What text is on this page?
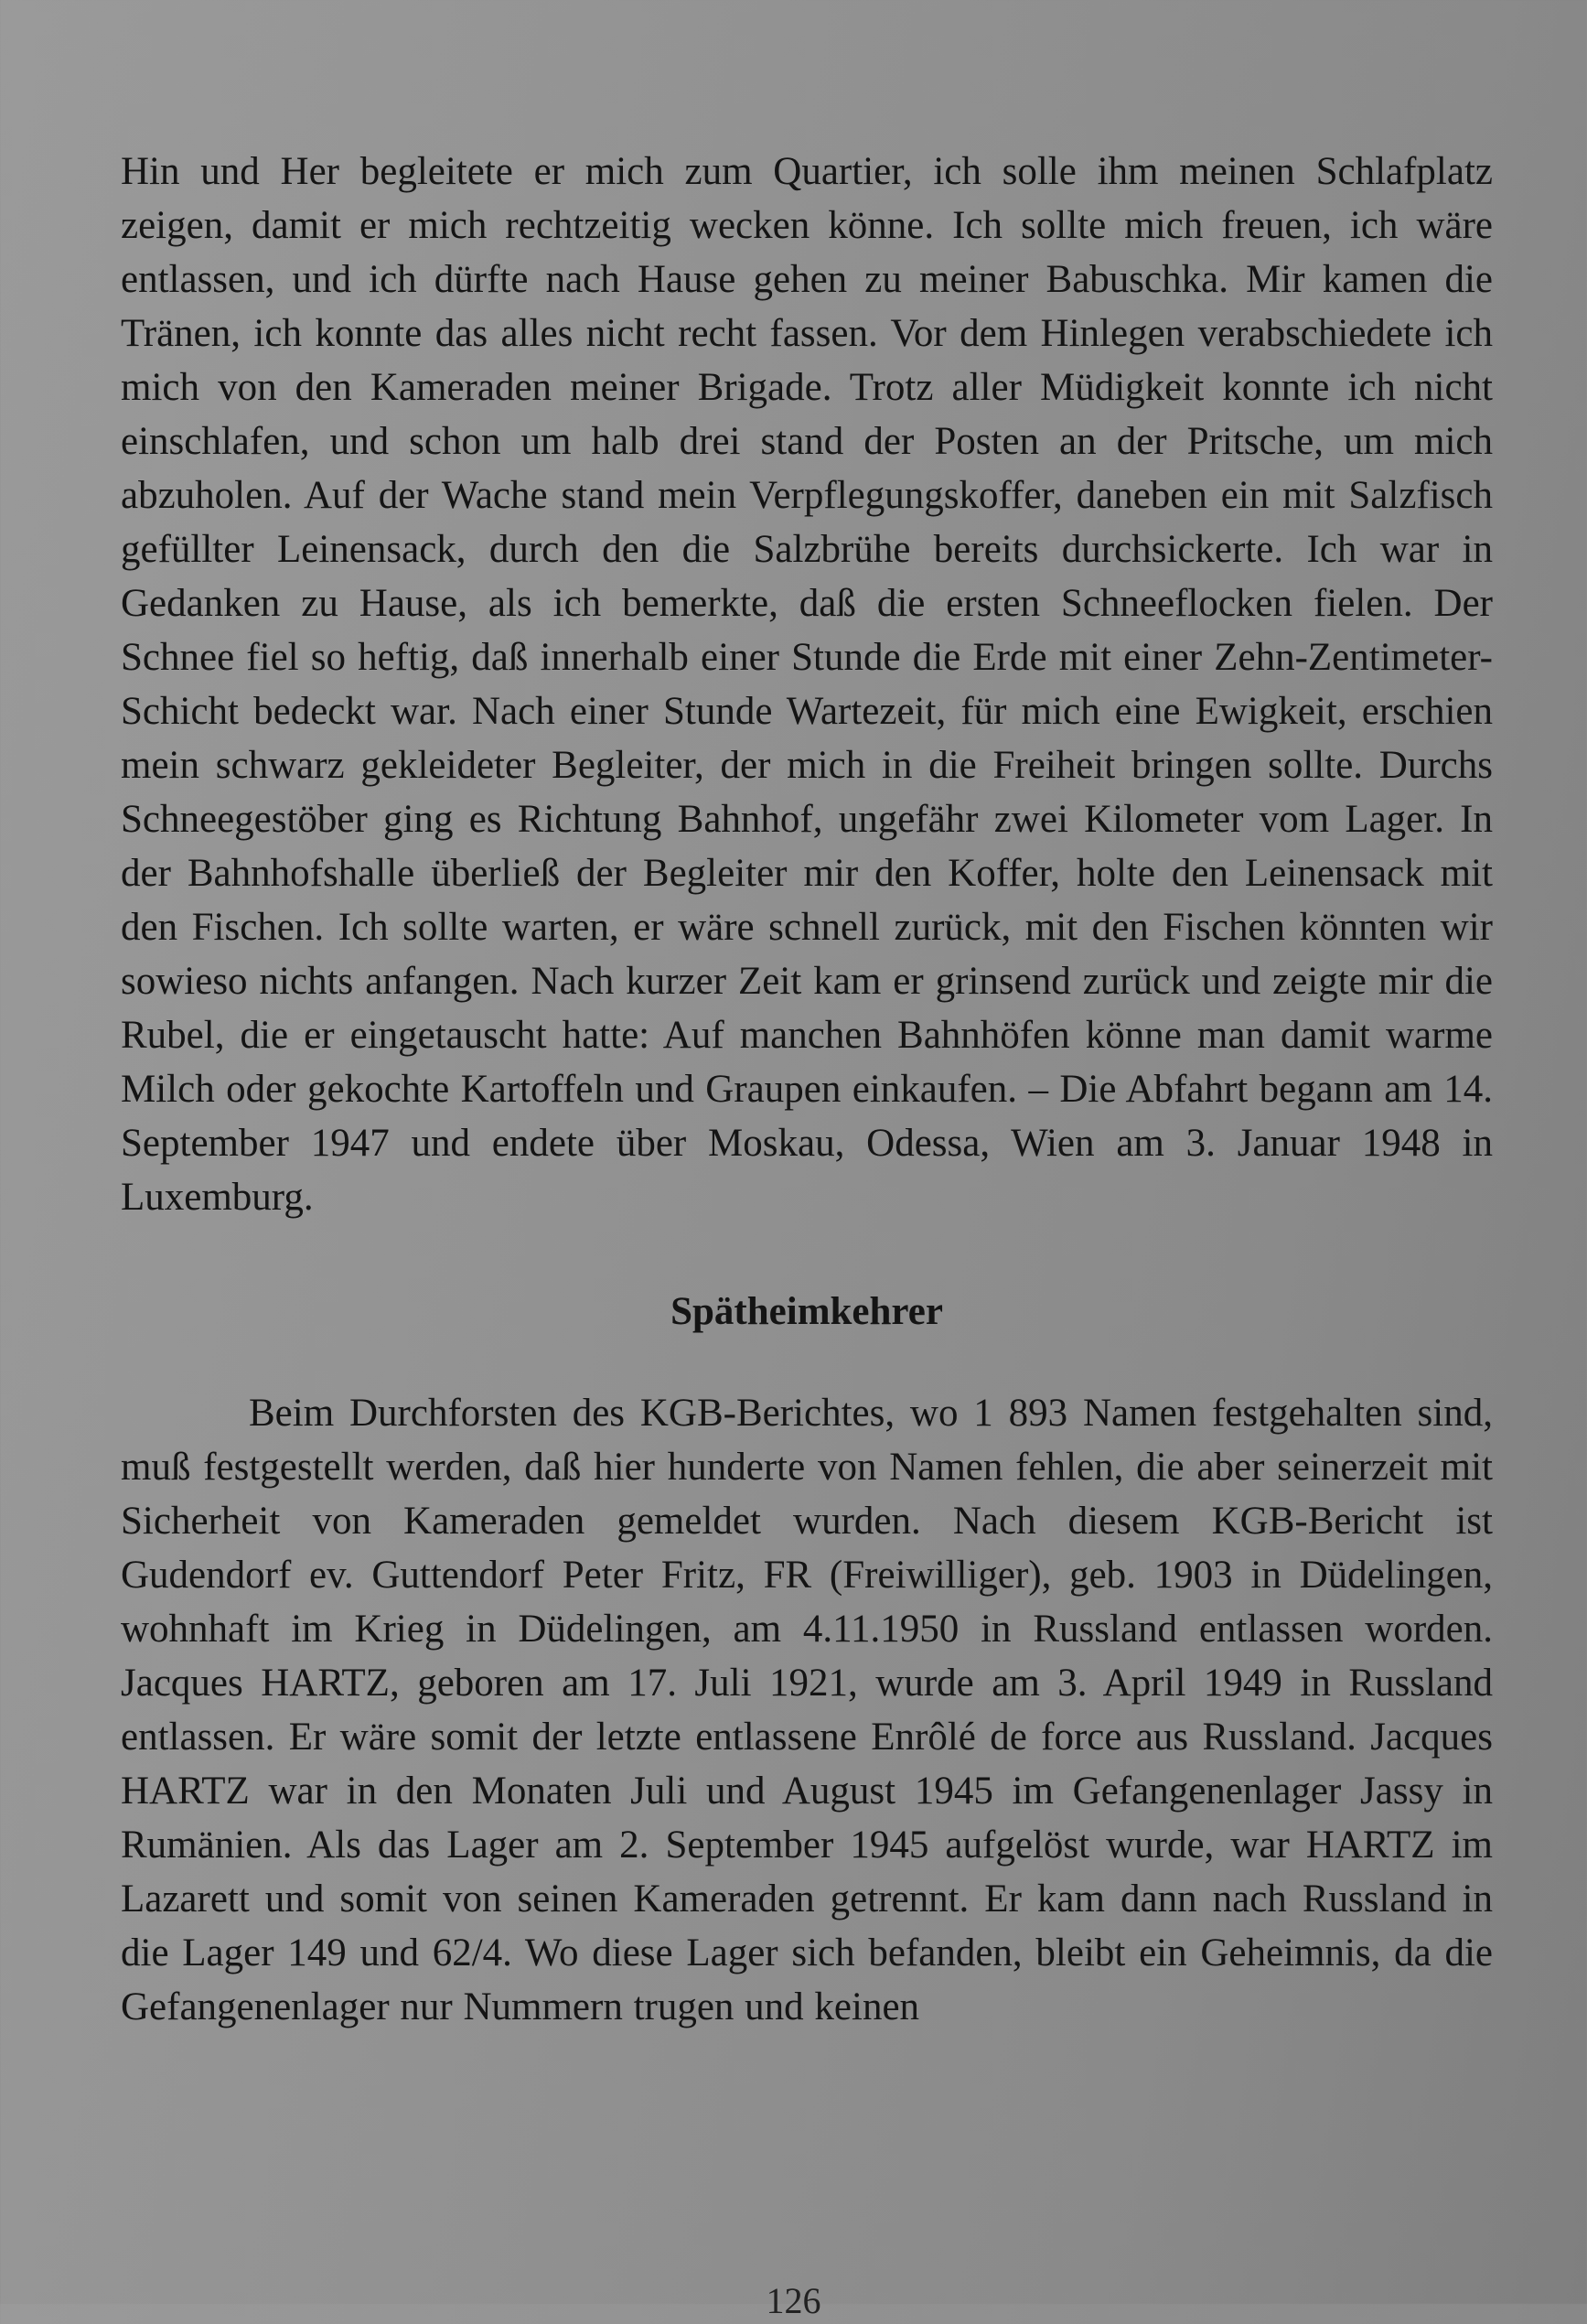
Hin und Her begleitete er mich zum Quartier, ich solle ihm meinen Schlafplatz zeigen, damit er mich rechtzeitig wecken könne. Ich sollte mich freuen, ich wäre entlassen, und ich dürfte nach Hause gehen zu meiner Babuschka. Mir kamen die Tränen, ich konnte das alles nicht recht fassen. Vor dem Hinlegen verabschiedete ich mich von den Kameraden meiner Brigade. Trotz aller Müdigkeit konnte ich nicht einschlafen, und schon um halb drei stand der Posten an der Pritsche, um mich abzuholen. Auf der Wache stand mein Verpflegungskoffer, daneben ein mit Salzfisch gefüllter Leinensack, durch den die Salzbrühe bereits durchsickerte. Ich war in Gedanken zu Hause, als ich bemerkte, daß die ersten Schneeflocken fielen. Der Schnee fiel so heftig, daß innerhalb einer Stunde die Erde mit einer Zehn-Zentimeter- Schicht bedeckt war. Nach einer Stunde Wartezeit, für mich eine Ewigkeit, erschien mein schwarz gekleideter Begleiter, der mich in die Freiheit bringen sollte. Durchs Schneegestöber ging es Richtung Bahnhof, ungefähr zwei Kilometer vom Lager. In der Bahnhofshalle überließ der Begleiter mir den Koffer, holte den Leinensack mit den Fischen. Ich sollte warten, er wäre schnell zurück, mit den Fischen könnten wir sowieso nichts anfangen. Nach kurzer Zeit kam er grinsend zurück und zeigte mir die Rubel, die er eingetauscht hatte: Auf manchen Bahnhöfen könne man damit warme Milch oder gekochte Kartoffeln und Graupen einkaufen. – Die Abfahrt begann am 14. September 1947 und endete über Moskau, Odessa, Wien am 3. Januar 1948 in Luxemburg.

Spätheimkehrer

Beim Durchforsten des KGB-Berichtes, wo 1 893 Namen festgehalten sind, muß festgestellt werden, daß hier hunderte von Namen fehlen, die aber seinerzeit mit Sicherheit von Kameraden gemeldet wurden. Nach diesem KGB-Bericht ist Gudendorf ev. Guttendorf Peter Fritz, FR (Freiwilliger), geb. 1903 in Düdelingen, wohnhaft im Krieg in Düdelingen, am 4.11.1950 in Russland entlassen worden. Jacques HARTZ, geboren am 17. Juli 1921, wurde am 3. April 1949 in Russland entlassen. Er wäre somit der letzte entlassene Enrôlé de force aus Russland. Jacques HARTZ war in den Monaten Juli und August 1945 im Gefangenenlager Jassy in Rumänien. Als das Lager am 2. September 1945 aufgelöst wurde, war HARTZ im Lazarett und somit von seinen Kameraden getrennt. Er kam dann nach Russland in die Lager 149 und 62/4. Wo diese Lager sich befanden, bleibt ein Geheimnis, da die Gefangenenlager nur Nummern trugen und keinen

126
